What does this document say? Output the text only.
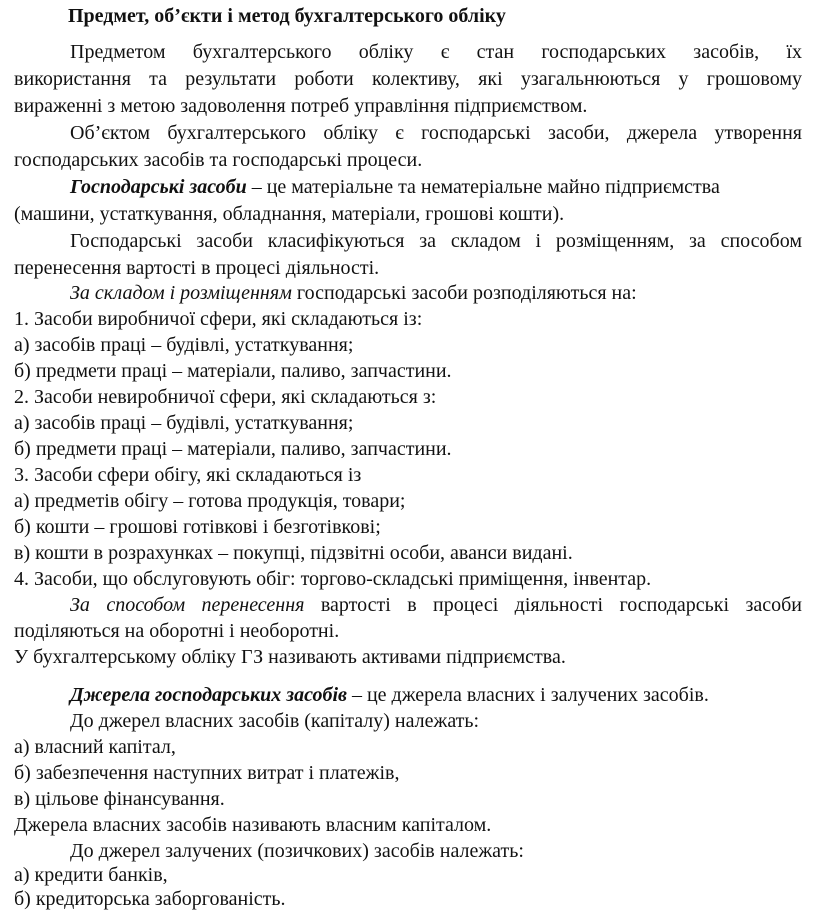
Предмет, об’єкти і метод бухгалтерського обліку
Предметом бухгалтерського обліку є стан господарських засобів, їх
використання та результати роботи колективу, які узагальнюються у грошовому
вираженні з метою задоволення потреб управління підприємством.
Об’єктом бухгалтерського обліку є господарські засоби, джерела утворення
господарських засобів та господарські процеси.
Господарські засоби – це матеріальне та нематеріальне майно підприємства
(машини, устаткування, обладнання, матеріали, грошові кошти).
Господарські засоби класифікуються за складом і розміщенням, за способом
перенесення вартості в процесі діяльності.
За складом і розміщенням господарські засоби розподіляються на:
1. Засоби виробничої сфери, які складаються із:
а) засобів праці – будівлі, устаткування;
б) предмети праці – матеріали, паливо, запчастини.
2. Засоби невиробничої сфери, які складаються з:
а) засобів праці – будівлі, устаткування;
б) предмети праці – матеріали, паливо, запчастини.
3. Засоби сфери обігу, які складаються із
а) предметів обігу – готова продукція, товари;
б) кошти – грошові готівкові і безготівкові;
в) кошти в розрахунках – покупці, підзвітні особи, аванси видані.
4. Засоби, що обслуговують обіг: торгово-складські приміщення, інвентар.
За способом перенесення вартості в процесі діяльності господарські засоби
поділяються на оборотні і необоротні.
У бухгалтерському обліку ГЗ називають активами підприємства.
Джерела господарських засобів – це джерела власних і залучених засобів.
До джерел власних засобів (капіталу) належать:
а) власний капітал,
б) забезпечення наступних витрат і платежів,
в) цільове фінансування.
Джерела власних засобів називають власним капіталом.
До джерел залучених (позичкових) засобів належать:
а) кредити банків,
б) кредиторська заборгованість.
